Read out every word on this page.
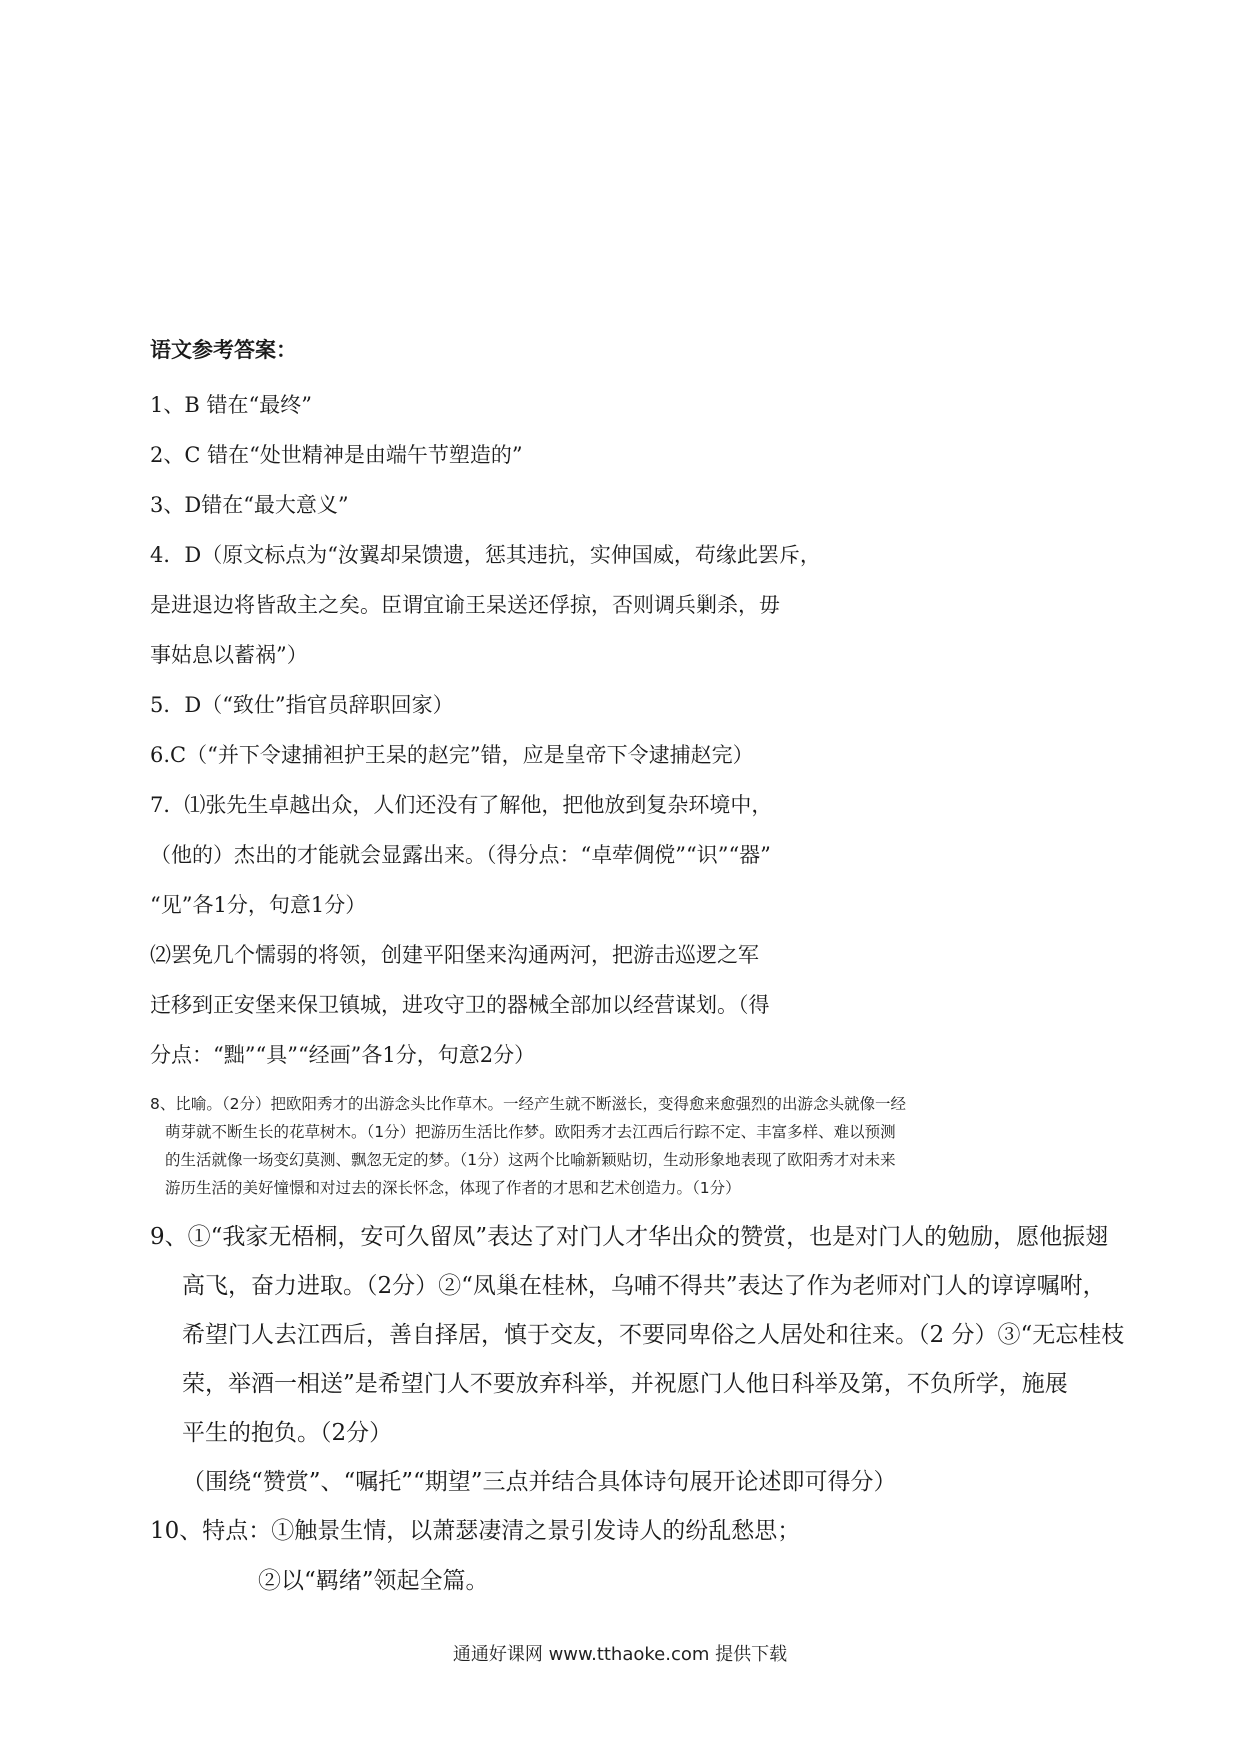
语文参考答案：
1、B 错在“最终”
2、C 错在“处世精神是由端午节塑造的”
3、D错在“最大意义”
4．D（原文标点为“汝翼却杲馈遗，惩其违抗，实伸国威，苟缘此罢斥，
是进退边将皆敌主之矣。臣谓宜谕王杲送还俘掠，否则调兵剿杀，毋
事姑息以蓄祸”）
5．D（“致仕”指官员辞职回家）
6.C（“并下令逮捕袒护王杲的赵完”错，应是皇帝下令逮捕赵完）
7．⑴张先生卓越出众，人们还没有了解他，把他放到复杂环境中，
（他的）杰出的才能就会显露出来。（得分点：“卓荦倜傥”“识”“器”
“见”各1分，句意1分）
⑵罢免几个懦弱的将领，创建平阳堡来沟通两河，把游击巡逻之军
迁移到正安堡来保卫镇城，进攻守卫的器械全部加以经营谋划。（得
分点：“黜”“具”“经画”各1分，句意2分）
8、比喻。（2分）把欧阳秀才的出游念头比作草木。一经产生就不断滋长，变得愈来愈强烈的出游念头就像一经
萌芽就不断生长的花草树木。（1分）把游历生活比作梦。欧阳秀才去江西后行踪不定、丰富多样、难以预测
的生活就像一场变幻莫测、飘忽无定的梦。（1分）这两个比喻新颖贴切，生动形象地表现了欧阳秀才对未来
游历生活的美好憧憬和对过去的深长怀念，体现了作者的才思和艺术创造力。（1分）
9、①“我家无梧桐，安可久留凤”表达了对门人才华出众的赞赏，也是对门人的勉励，愿他振翅
高飞，奋力进取。（2分）②“凤巢在桂林，乌哺不得共”表达了作为老师对门人的谆谆嘱咐，
希望门人去江西后，善自择居，慎于交友，不要同卑俗之人居处和往来。（2 分）③“无忘桂枝
荣，举酒一相送”是希望门人不要放弃科举，并祝愿门人他日科举及第，不负所学，施展
平生的抱负。（2分）
（围绕“赞赏”、“嘱托”“期望”三点并结合具体诗句展开论述即可得分）
10、特点：①触景生情，以萧瑟凄清之景引发诗人的纷乱愁思；
②以“羁绪”领起全篇。
通通好课网 www.tthaoke.com 提供下载
